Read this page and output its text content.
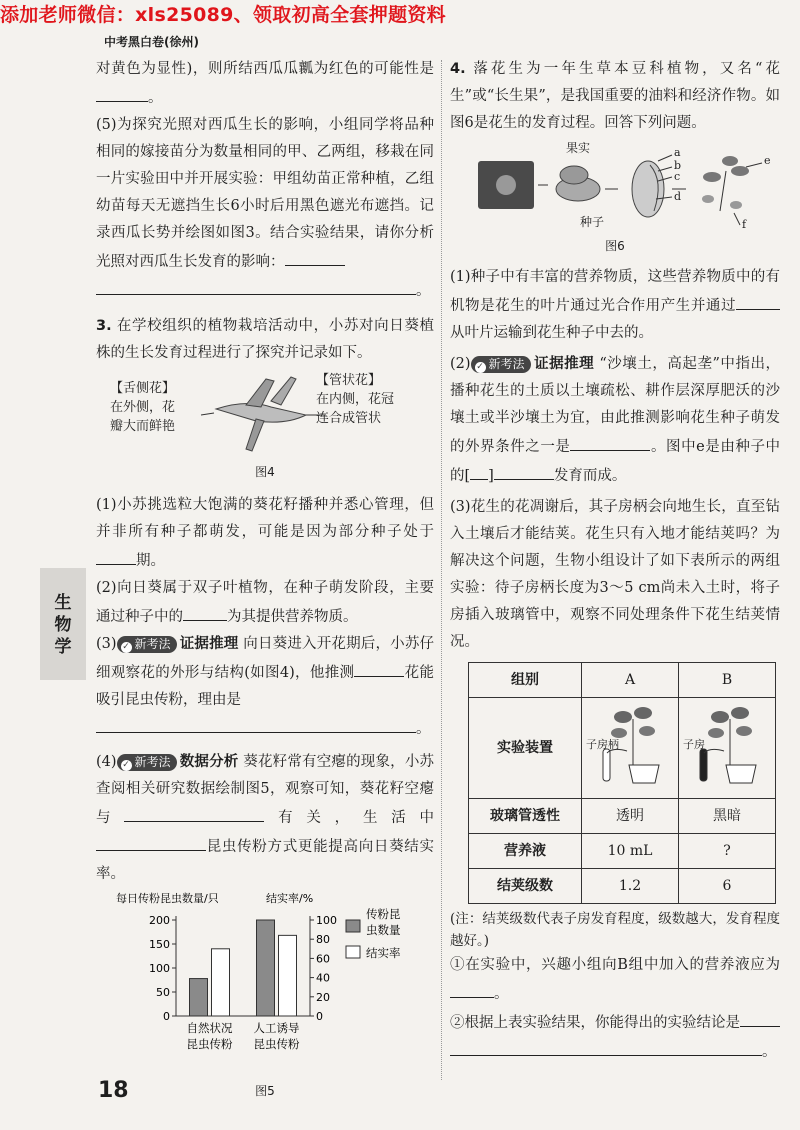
添加老师微信：xls25089、领取初高全套押题资料
中考黑白卷(徐州)

对黄色为显性)，则所结西瓜瓜瓤为红色的可能性是。

(5)为探究光照对西瓜生长的影响，小组同学将品种相同的嫁接苗分为数量相同的甲、乙两组，移栽在同一片实验田中并开展实验：甲组幼苗正常种植，乙组幼苗每天无遮挡生长6小时后用黑色遮光布遮挡。记录西瓜长势并绘图如图3。结合实验结果，请你分析光照对西瓜生长发育的影响：

。

3. 在学校组织的植物栽培活动中，小苏对向日葵植株的生长发育过程进行了探究并记录如下。

【舌侧花】
在外侧，花
瓣大而鲜艳
【管状花】
在内侧，花冠
连合成管状
图4

(1)小苏挑选粒大饱满的葵花籽播种并悉心管理，但并非所有种子都萌发，可能是因为部分种子处于期。

(2)向日葵属于双子叶植物，在种子萌发阶段，主要通过种子中的	为其提供营养物质。

(3) ✓ 新考法 证据推理 向日葵进入开花期后，小苏仔细观察花的外形与结构(如图4)，他推测	花能吸引昆虫传粉，理由是

。

(4) ✓ 新考法 数据分析 葵花籽常有空瘪的现象，小苏查阅相关研究数据绘制图5，观察可知，葵花籽空瘪与	有关，生活中昆虫传粉方式更能提高向日葵结实率。

每日传粉昆虫数量/只	结实率/%
0
50
100
150
200
0
20
40
60
80
100
自然状况
昆虫传粉
人工诱导
昆虫传粉
传粉昆
虫数量
结实率
图5

4. 落花生为一年生草本豆科植物，又名“花生”或“长生果”，是我国重要的油料和经济作物。如图6是花生的发育过程。回答下列问题。

果实
种子
a
b
c
d
e
f
图6

(1)种子中有丰富的营养物质，这些营养物质中的有机物是花生的叶片通过光合作用产生并通过从叶片运输到花生种子中去的。

(2) ✓ 新考法 证据推理 “沙壤土，高起垄”中指出，播种花生的土质以土壤疏松、耕作层深厚肥沃的沙壤土或半沙壤土为宜，由此推测影响花生种子萌发的外界条件之一是	。图中e是由种子中的[ ]	发育而成。

(3)花生的花凋谢后，其子房柄会向地生长，直至钻入土壤后才能结荚。花生只有入地才能结荚吗？为解决这个问题，生物小组设计了如下表所示的两组实验：待子房柄长度为3～5 cm尚未入土时，将子房插入玻璃管中，观察不同处理条件下花生结荚情况。

组别	A	B
实验装置	子房柄	子房

玻璃管透性	透明	黑暗
营养液	10 mL	?
结荚级数	1.2	6

(注：结荚级数代表子房发育程度，级数越大，发育程度越好。)

①在实验中，兴趣小组向B组中加入的营养液应为。

②根据上表实验结果，你能得出的实验结论是

。

生
物
学
18
